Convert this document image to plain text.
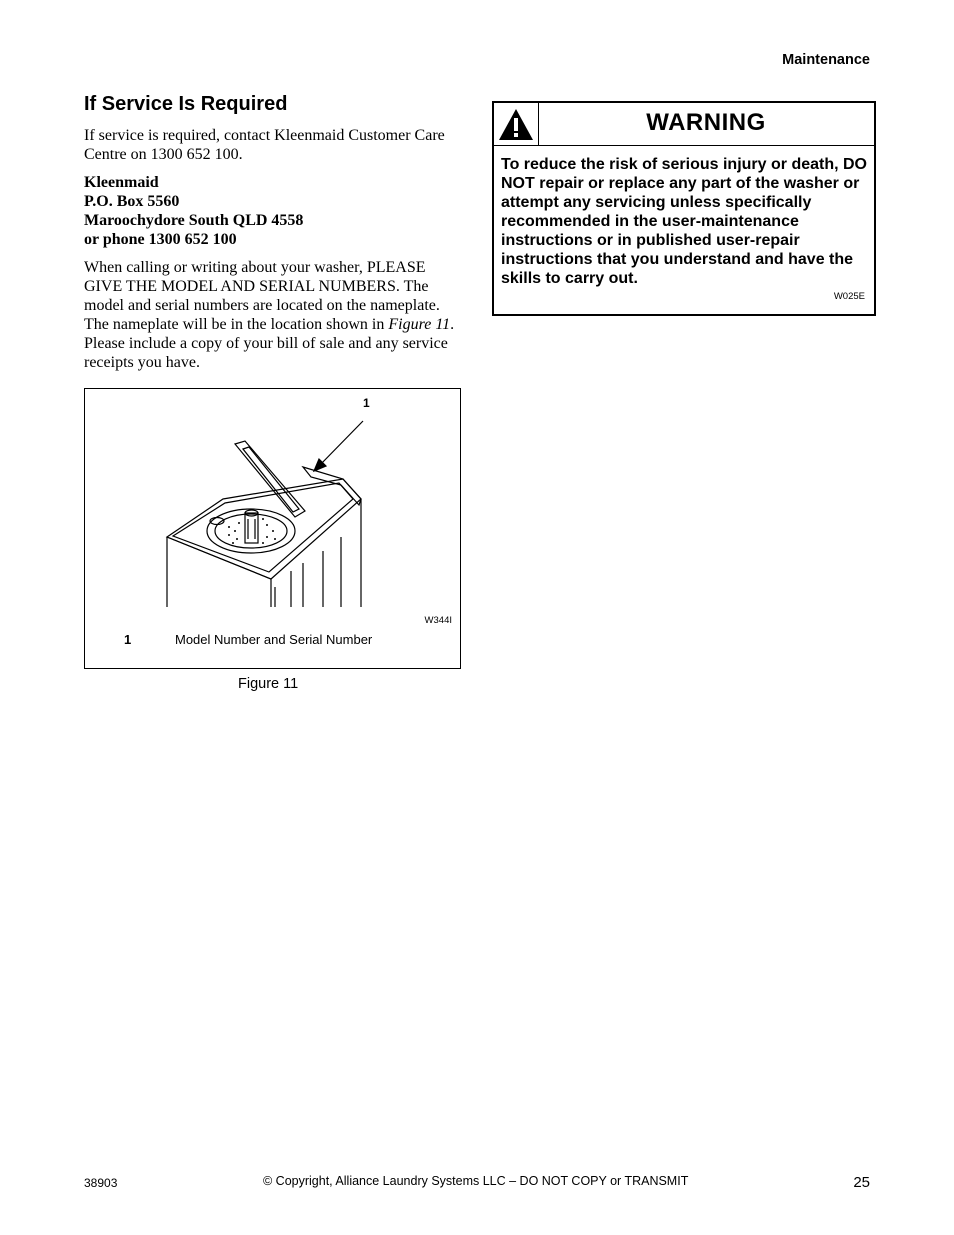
Maintenance
If Service Is Required

If service is required, contact Kleenmaid Customer Care Centre on 1300 652 100.

Kleenmaid
P.O. Box 5560
Maroochydore South QLD 4558
or phone 1300 652 100

When calling or writing about your washer, PLEASE GIVE THE MODEL AND SERIAL NUMBERS. The model and serial numbers are located on the nameplate. The nameplate will be in the location shown in Figure 11. Please include a copy of your bill of sale and any service receipts you have.

1
W344I
1	Model Number and Serial Number
Figure 11
WARNING
To reduce the risk of serious injury or death, DO NOT repair or replace any part of the washer or attempt any servicing unless specifically recommended in the user-maintenance instructions or in published user-repair instructions that you understand and have the skills to carry out.
W025E
38903	© Copyright, Alliance Laundry Systems LLC – DO NOT COPY or TRANSMIT	25
